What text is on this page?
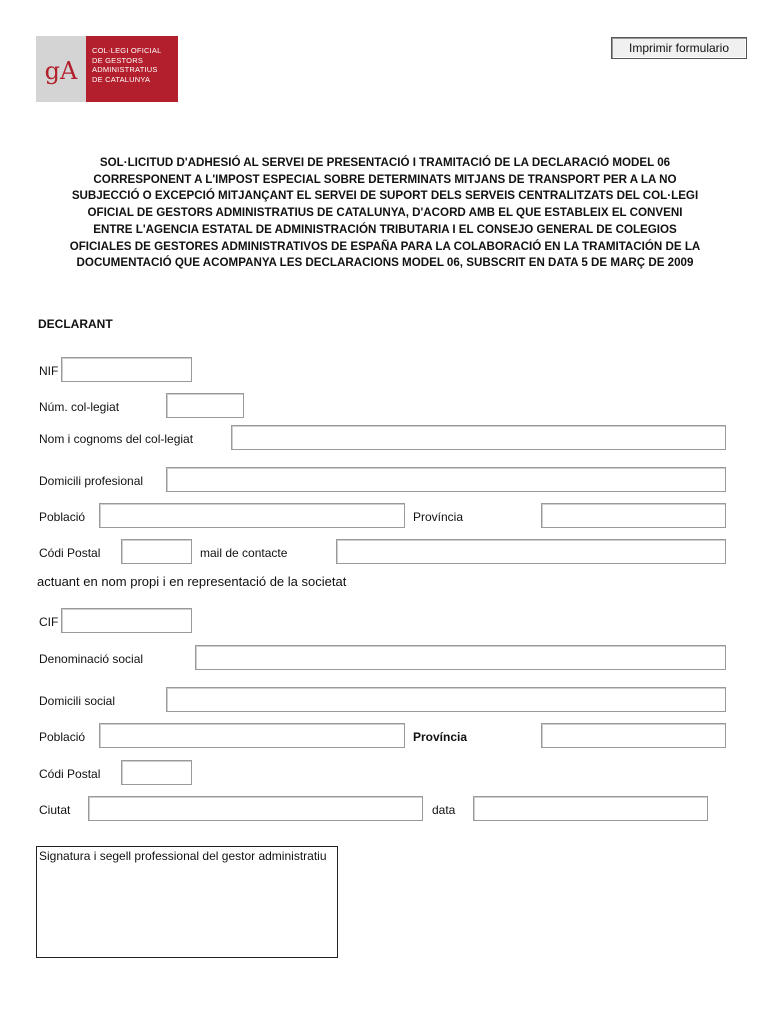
gA
COL·LEGI OFICIAL
DE GESTORS
ADMINISTRATIUS
DE CATALUNYA
Imprimir formulario
SOL·LICITUD D'ADHESIÓ AL SERVEI DE PRESENTACIÓ I TRAMITACIÓ DE LA DECLARACIÓ MODEL 06
CORRESPONENT A L'IMPOST ESPECIAL SOBRE DETERMINATS MITJANS DE TRANSPORT PER A LA NO
SUBJECCIÓ O EXCEPCIÓ MITJANÇANT EL SERVEI DE SUPORT DELS SERVEIS CENTRALITZATS DEL COL·LEGI
OFICIAL DE GESTORS ADMINISTRATIUS DE CATALUNYA, D'ACORD AMB EL QUE ESTABLEIX EL CONVENI
ENTRE L'AGENCIA ESTATAL DE ADMINISTRACIÓN TRIBUTARIA I EL CONSEJO GENERAL DE COLEGIOS
OFICIALES DE GESTORES ADMINISTRATIVOS DE ESPAÑA PARA LA COLABORACIÓ EN LA TRAMITACIÓN DE LA
DOCUMENTACIÓ QUE ACOMPANYA LES DECLARACIONS MODEL 06, SUBSCRIT EN DATA 5 DE MARÇ DE 2009
DECLARANT
NIF
Núm. col-legiat
Nom i cognoms del col-legiat
Domicili profesional
Població	Província
Códi Postal	mail de contacte
actuant en nom propi i en representació de la societat
CIF
Denominació social
Domicili social
Població	Província
Códi Postal
Ciutat	data
Signatura i segell professional del gestor administratiu
